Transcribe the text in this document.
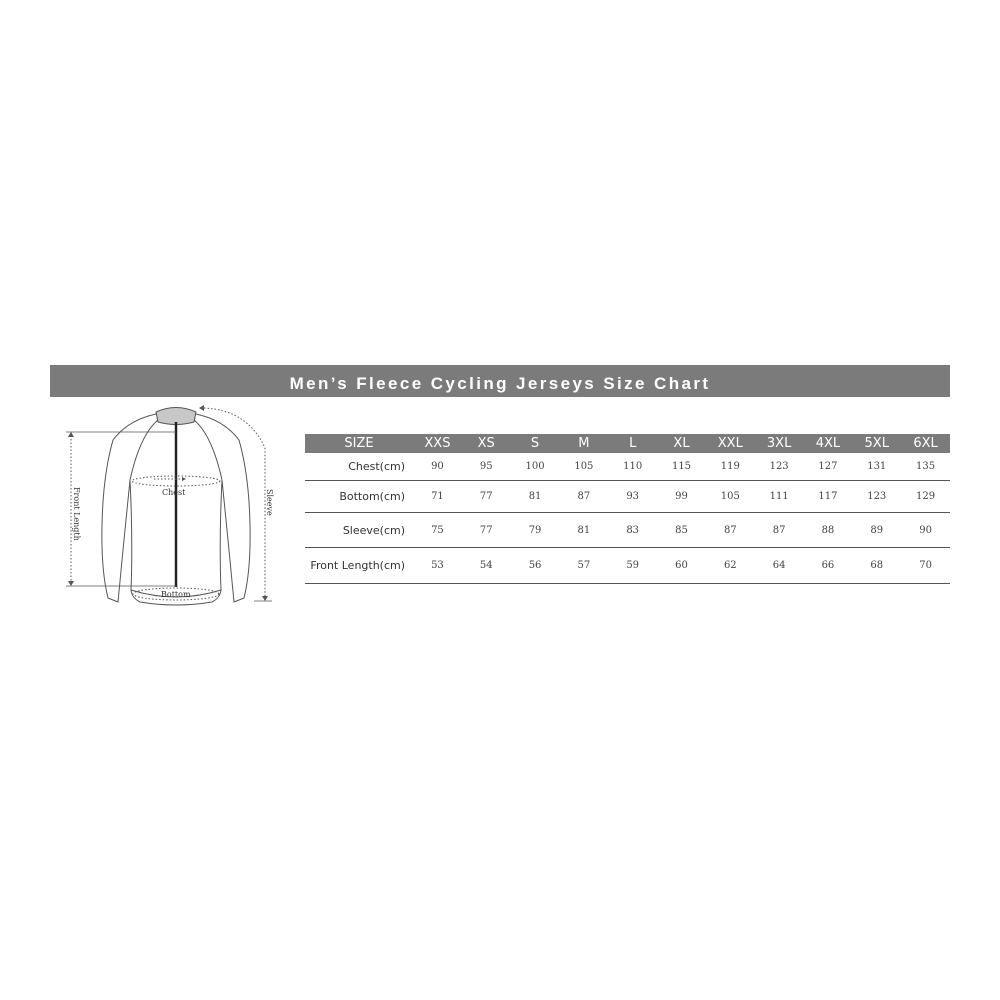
Men’s Fleece Cycling Jerseys Size Chart
Front Length	Chest
Bottom
Sleeve
SIZE	XXS	XS	S	M	L	XL	XXL	3XL	4XL	5XL	6XL
Chest(cm)	90	95	100	105	110	115	119	123	127	131	135
Bottom(cm)	71	77	81	87	93	99	105	111	117	123	129
Sleeve(cm)	75	77	79	81	83	85	87	87	88	89	90
Front Length(cm)	53	54	56	57	59	60	62	64	66	68	70
